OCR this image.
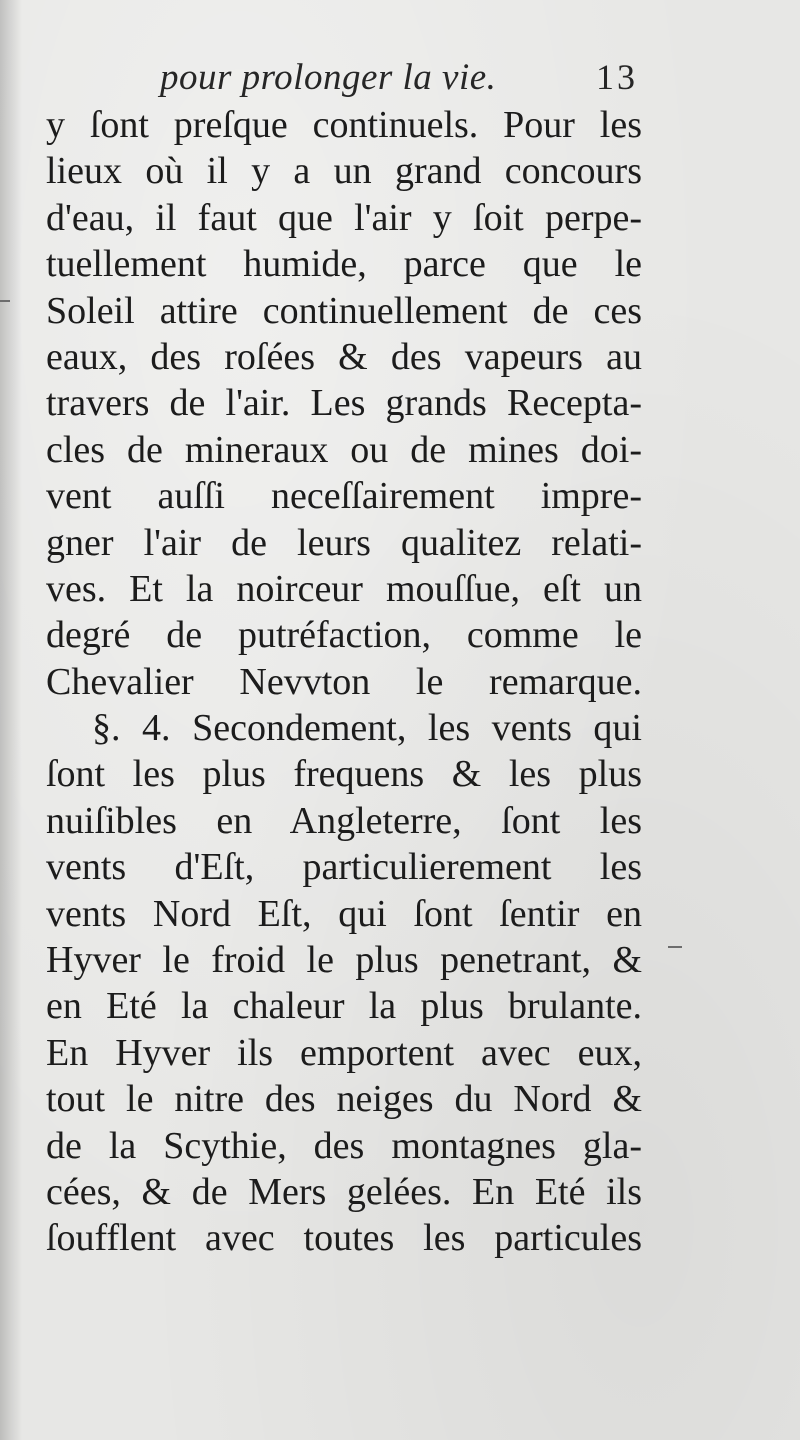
pour prolonger la vie.	13
y ſont preſque continuels. Pour les
lieux où il y a un grand concours
d'eau, il faut que l'air y ſoit perpe-
tuellement humide, parce que le
Soleil attire continuellement de ces
eaux, des roſées & des vapeurs au
travers de l'air. Les grands Recepta-
cles de mineraux ou de mines doi-
vent auſſi neceſſairement impre-
gner l'air de leurs qualitez relati-
ves. Et la noirceur mouſſue, eſt un
degré de putréfaction, comme le
Chevalier Nevvton le remarque.
§. 4. Secondement, les vents qui
ſont les plus frequens & les plus
nuiſibles en Angleterre, ſont les
vents d'Eſt, particulierement les
vents Nord Eſt, qui ſont ſentir en
Hyver le froid le plus penetrant, &
en Eté la chaleur la plus brulante.
En Hyver ils emportent avec eux,
tout le nitre des neiges du Nord &
de la Scythie, des montagnes gla-
cées, & de Mers gelées. En Eté ils
ſoufflent avec toutes les particules
